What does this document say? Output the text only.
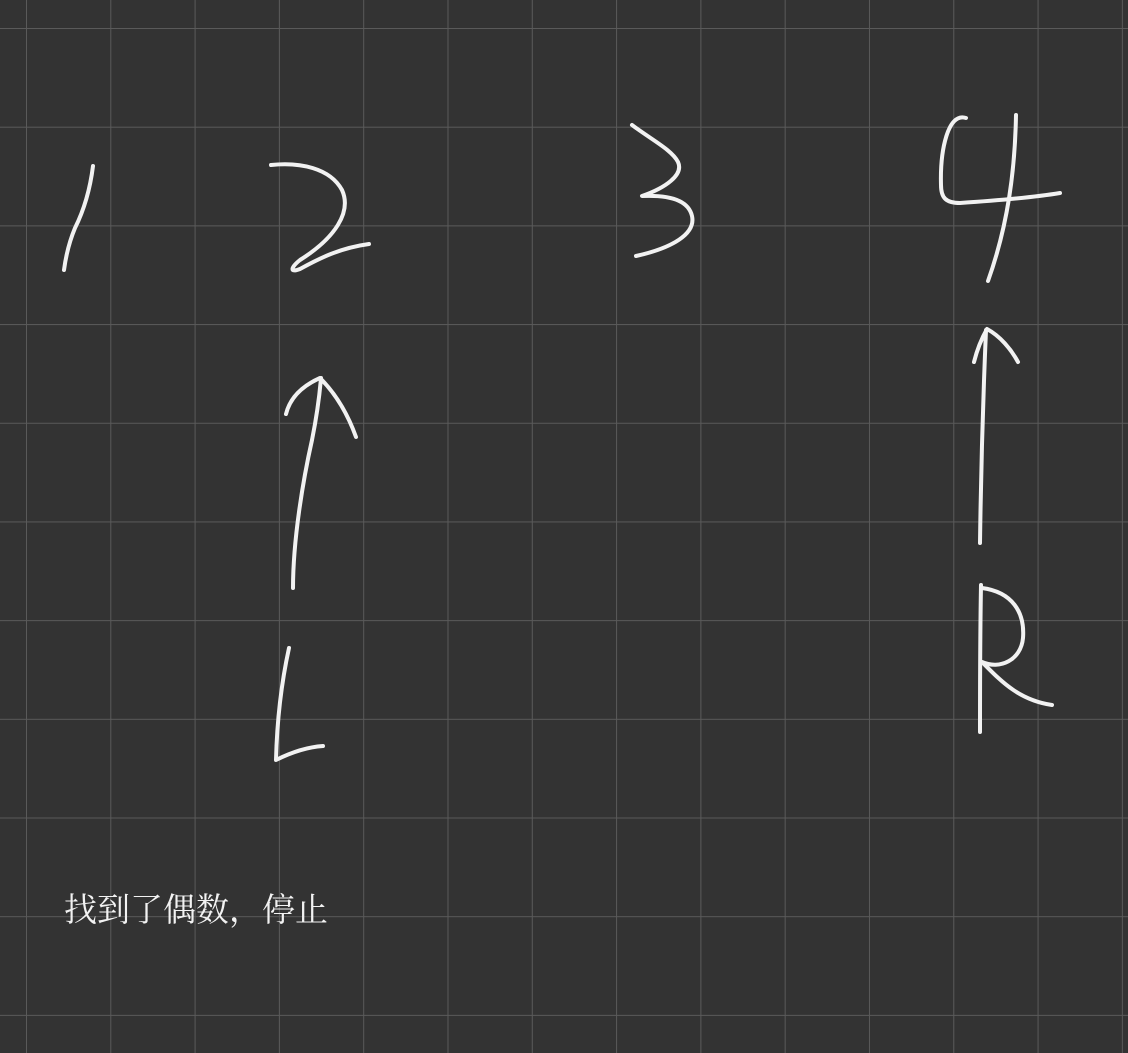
找到了偶数，停止
